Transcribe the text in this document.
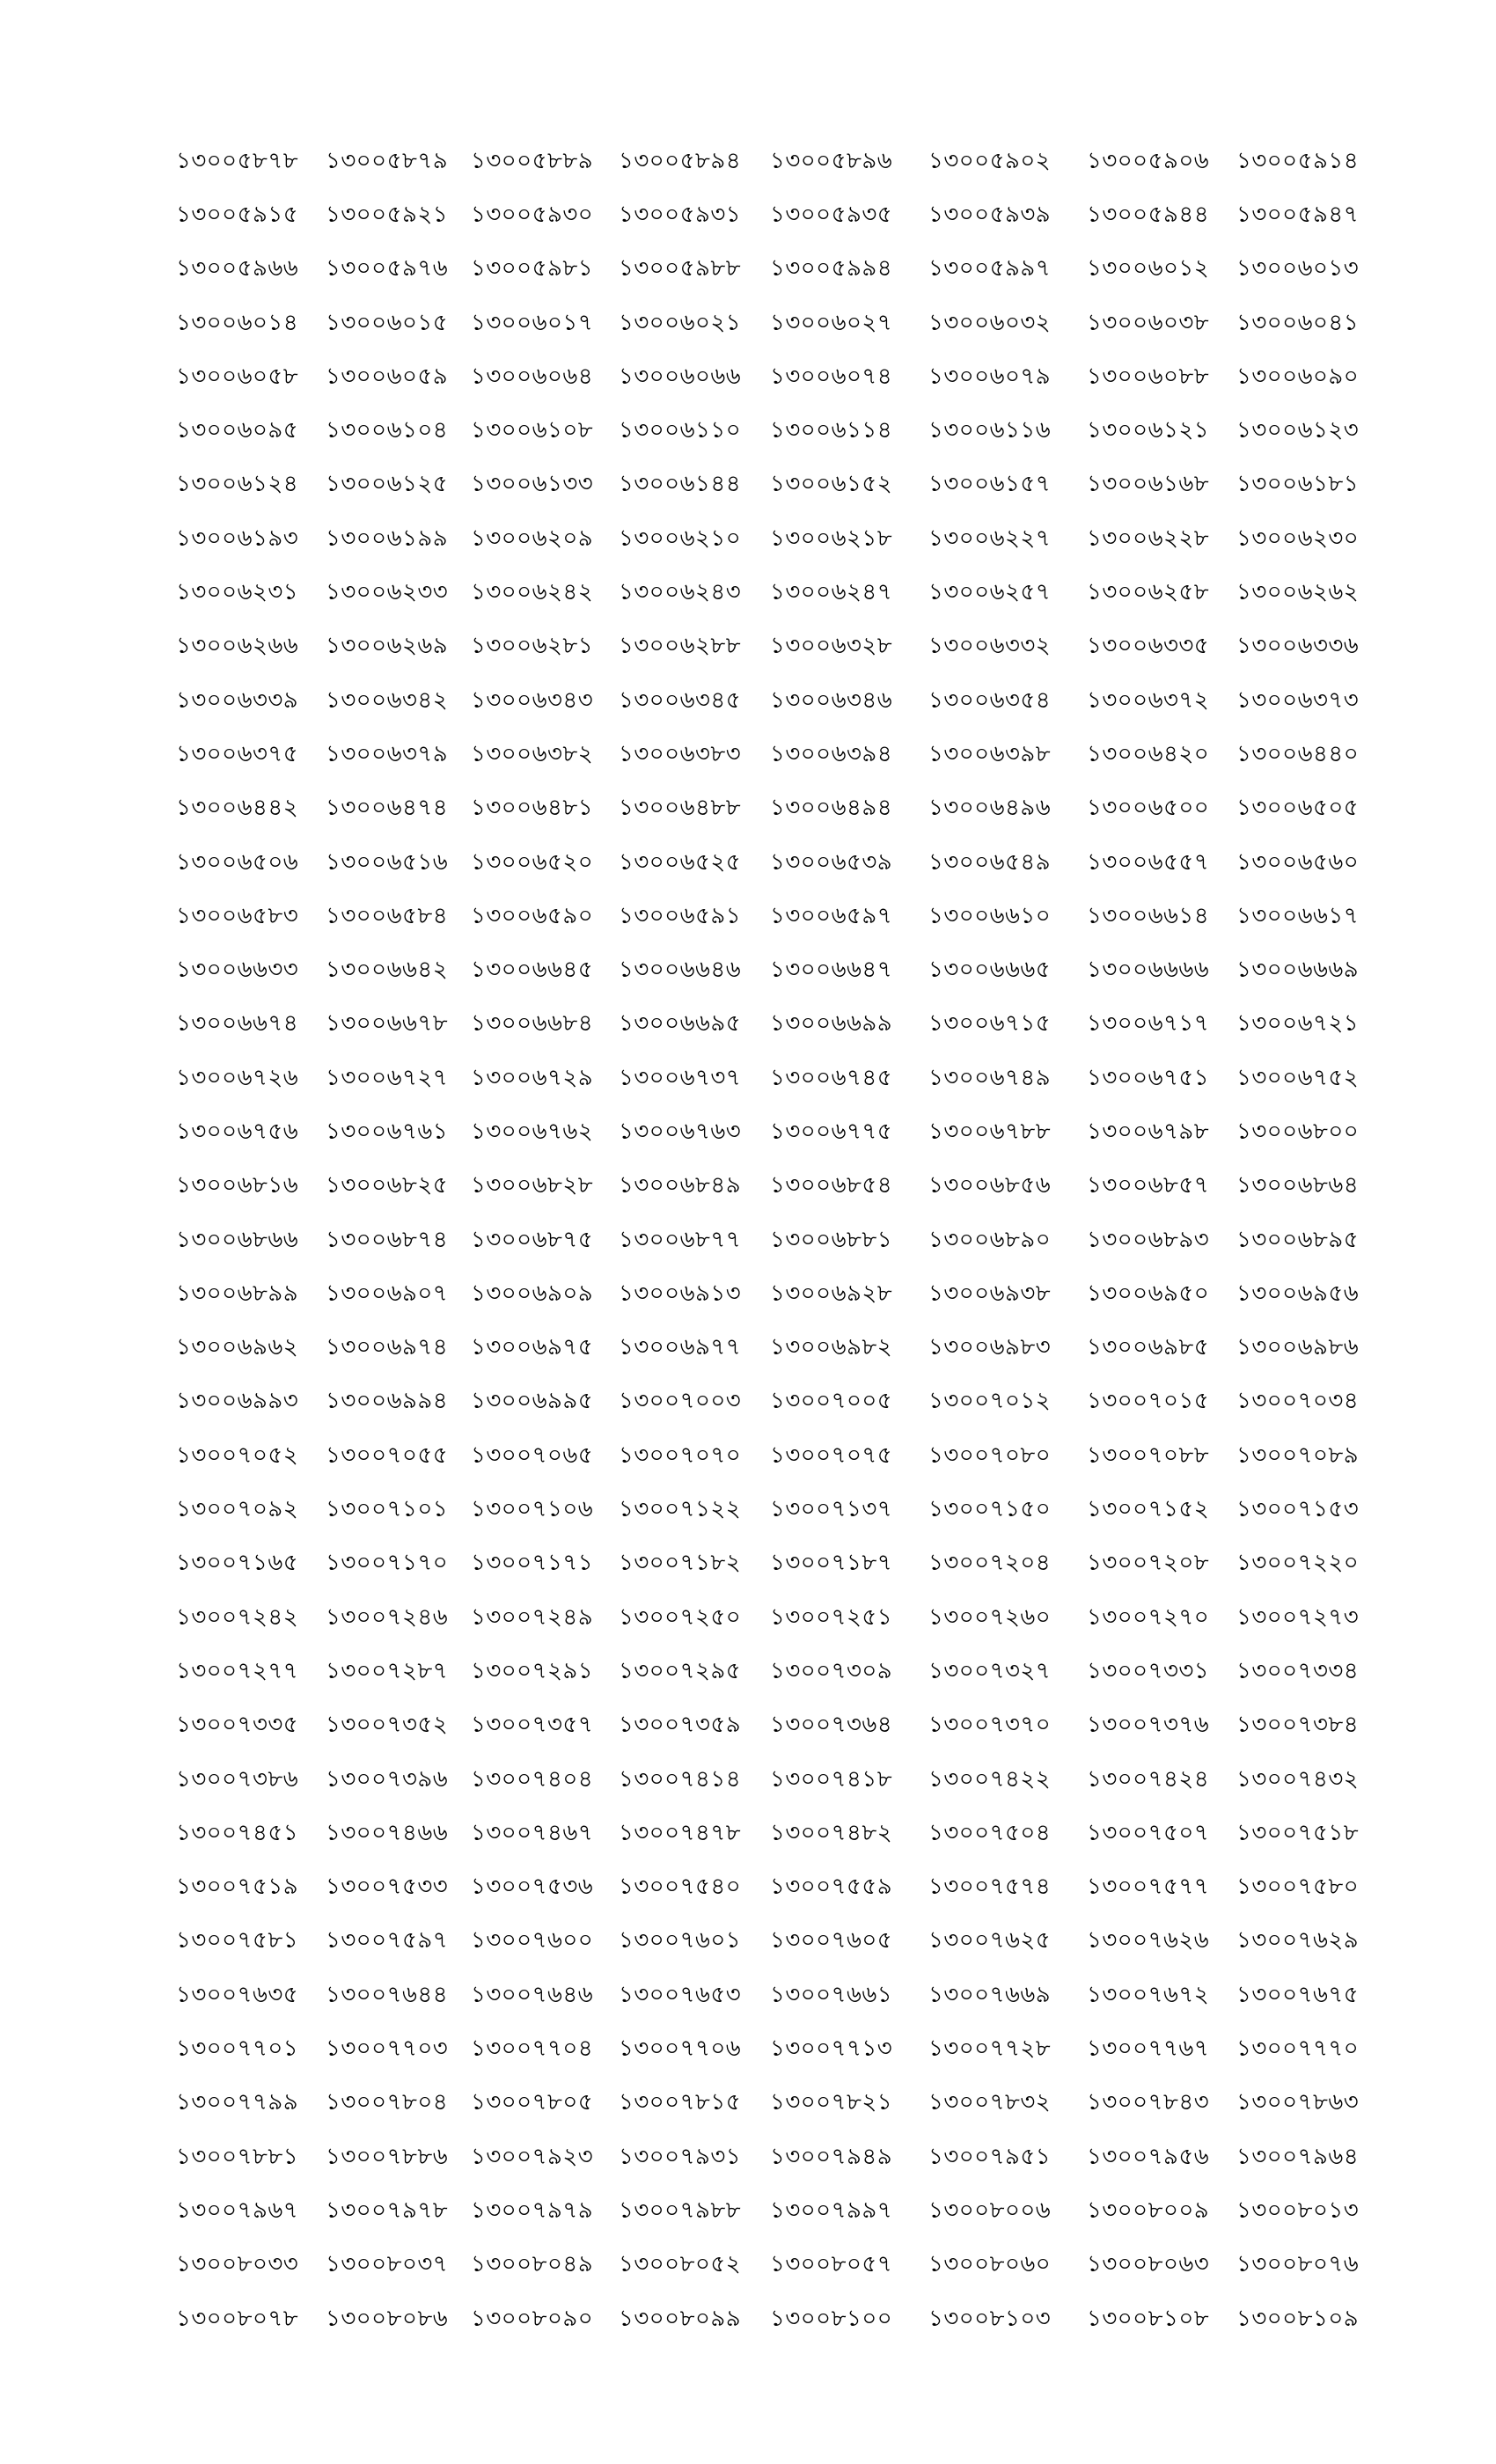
১৩০০৫৮৭৮	১৩০০৫৮৭৯ ১৩০০৫৮৮৯	১৩০০৫৮৯৪	১৩০০৫৮৯৬	১৩০০৫৯০২	১৩০০৫৯০৬	১৩০০৫৯১৪
১৩০০৫৯১৫	১৩০০৫৯২১ ১৩০০৫৯৩০	১৩০০৫৯৩১	১৩০০৫৯৩৫	১৩০০৫৯৩৯	১৩০০৫৯৪৪	১৩০০৫৯৪৭
১৩০০৫৯৬৬	১৩০০৫৯৭৬ ১৩০০৫৯৮১	১৩০০৫৯৮৮	১৩০০৫৯৯৪	১৩০০৫৯৯৭	১৩০০৬০১২	১৩০০৬০১৩
১৩০০৬০১৪	১৩০০৬০১৫ ১৩০০৬০১৭	১৩০০৬০২১	১৩০০৬০২৭	১৩০০৬০৩২	১৩০০৬০৩৮	১৩০০৬০৪১
১৩০০৬০৫৮	১৩০০৬০৫৯ ১৩০০৬০৬৪	১৩০০৬০৬৬	১৩০০৬০৭৪	১৩০০৬০৭৯	১৩০০৬০৮৮	১৩০০৬০৯০
১৩০০৬০৯৫	১৩০০৬১০৪ ১৩০০৬১০৮	১৩০০৬১১০	১৩০০৬১১৪	১৩০০৬১১৬	১৩০০৬১২১	১৩০০৬১২৩
১৩০০৬১২৪	১৩০০৬১২৫ ১৩০০৬১৩৩	১৩০০৬১৪৪	১৩০০৬১৫২	১৩০০৬১৫৭	১৩০০৬১৬৮	১৩০০৬১৮১
১৩০০৬১৯৩	১৩০০৬১৯৯ ১৩০০৬২০৯	১৩০০৬২১০	১৩০০৬২১৮	১৩০০৬২২৭	১৩০০৬২২৮	১৩০০৬২৩০
১৩০০৬২৩১	১৩০০৬২৩৩ ১৩০০৬২৪২	১৩০০৬২৪৩	১৩০০৬২৪৭	১৩০০৬২৫৭	১৩০০৬২৫৮	১৩০০৬২৬২
১৩০০৬২৬৬	১৩০০৬২৬৯ ১৩০০৬২৮১	১৩০০৬২৮৮	১৩০০৬৩২৮	১৩০০৬৩৩২	১৩০০৬৩৩৫	১৩০০৬৩৩৬
১৩০০৬৩৩৯	১৩০০৬৩৪২ ১৩০০৬৩৪৩	১৩০০৬৩৪৫	১৩০০৬৩৪৬	১৩০০৬৩৫৪	১৩০০৬৩৭২	১৩০০৬৩৭৩
১৩০০৬৩৭৫	১৩০০৬৩৭৯ ১৩০০৬৩৮২	১৩০০৬৩৮৩	১৩০০৬৩৯৪	১৩০০৬৩৯৮	১৩০০৬৪২০	১৩০০৬৪৪০
১৩০০৬৪৪২	১৩০০৬৪৭৪ ১৩০০৬৪৮১	১৩০০৬৪৮৮	১৩০০৬৪৯৪	১৩০০৬৪৯৬	১৩০০৬৫০০	১৩০০৬৫০৫
১৩০০৬৫০৬	১৩০০৬৫১৬ ১৩০০৬৫২০	১৩০০৬৫২৫	১৩০০৬৫৩৯	১৩০০৬৫৪৯	১৩০০৬৫৫৭	১৩০০৬৫৬০
১৩০০৬৫৮৩	১৩০০৬৫৮৪ ১৩০০৬৫৯০	১৩০০৬৫৯১	১৩০০৬৫৯৭	১৩০০৬৬১০	১৩০০৬৬১৪	১৩০০৬৬১৭
১৩০০৬৬৩৩	১৩০০৬৬৪২ ১৩০০৬৬৪৫	১৩০০৬৬৪৬	১৩০০৬৬৪৭	১৩০০৬৬৬৫	১৩০০৬৬৬৬	১৩০০৬৬৬৯
১৩০০৬৬৭৪	১৩০০৬৬৭৮ ১৩০০৬৬৮৪	১৩০০৬৬৯৫	১৩০০৬৬৯৯	১৩০০৬৭১৫	১৩০০৬৭১৭	১৩০০৬৭২১
১৩০০৬৭২৬	১৩০০৬৭২৭ ১৩০০৬৭২৯	১৩০০৬৭৩৭	১৩০০৬৭৪৫	১৩০০৬৭৪৯	১৩০০৬৭৫১	১৩০০৬৭৫২
১৩০০৬৭৫৬	১৩০০৬৭৬১ ১৩০০৬৭৬২	১৩০০৬৭৬৩	১৩০০৬৭৭৫	১৩০০৬৭৮৮	১৩০০৬৭৯৮	১৩০০৬৮০০
১৩০০৬৮১৬	১৩০০৬৮২৫ ১৩০০৬৮২৮	১৩০০৬৮৪৯	১৩০০৬৮৫৪	১৩০০৬৮৫৬	১৩০০৬৮৫৭	১৩০০৬৮৬৪
১৩০০৬৮৬৬	১৩০০৬৮৭৪ ১৩০০৬৮৭৫	১৩০০৬৮৭৭	১৩০০৬৮৮১	১৩০০৬৮৯০	১৩০০৬৮৯৩	১৩০০৬৮৯৫
১৩০০৬৮৯৯	১৩০০৬৯০৭ ১৩০০৬৯০৯	১৩০০৬৯১৩	১৩০০৬৯২৮	১৩০০৬৯৩৮	১৩০০৬৯৫০	১৩০০৬৯৫৬
১৩০০৬৯৬২	১৩০০৬৯৭৪ ১৩০০৬৯৭৫	১৩০০৬৯৭৭	১৩০০৬৯৮২	১৩০০৬৯৮৩	১৩০০৬৯৮৫	১৩০০৬৯৮৬
১৩০০৬৯৯৩	১৩০০৬৯৯৪ ১৩০০৬৯৯৫	১৩০০৭০০৩	১৩০০৭০০৫	১৩০০৭০১২	১৩০০৭০১৫	১৩০০৭০৩৪
১৩০০৭০৫২	১৩০০৭০৫৫ ১৩০০৭০৬৫	১৩০০৭০৭০	১৩০০৭০৭৫	১৩০০৭০৮০	১৩০০৭০৮৮	১৩০০৭০৮৯
১৩০০৭০৯২	১৩০০৭১০১ ১৩০০৭১০৬	১৩০০৭১২২	১৩০০৭১৩৭	১৩০০৭১৫০	১৩০০৭১৫২	১৩০০৭১৫৩
১৩০০৭১৬৫	১৩০০৭১৭০ ১৩০০৭১৭১	১৩০০৭১৮২	১৩০০৭১৮৭	১৩০০৭২০৪	১৩০০৭২০৮	১৩০০৭২২০
১৩০০৭২৪২	১৩০০৭২৪৬ ১৩০০৭২৪৯	১৩০০৭২৫০	১৩০০৭২৫১	১৩০০৭২৬০	১৩০০৭২৭০	১৩০০৭২৭৩
১৩০০৭২৭৭	১৩০০৭২৮৭ ১৩০০৭২৯১	১৩০০৭২৯৫	১৩০০৭৩০৯	১৩০০৭৩২৭	১৩০০৭৩৩১	১৩০০৭৩৩৪
১৩০০৭৩৩৫	১৩০০৭৩৫২ ১৩০০৭৩৫৭	১৩০০৭৩৫৯	১৩০০৭৩৬৪	১৩০০৭৩৭০	১৩০০৭৩৭৬	১৩০০৭৩৮৪
১৩০০৭৩৮৬	১৩০০৭৩৯৬ ১৩০০৭৪০৪	১৩০০৭৪১৪	১৩০০৭৪১৮	১৩০০৭৪২২	১৩০০৭৪২৪	১৩০০৭৪৩২
১৩০০৭৪৫১	১৩০০৭৪৬৬ ১৩০০৭৪৬৭	১৩০০৭৪৭৮	১৩০০৭৪৮২	১৩০০৭৫০৪	১৩০০৭৫০৭	১৩০০৭৫১৮
১৩০০৭৫১৯	১৩০০৭৫৩৩ ১৩০০৭৫৩৬	১৩০০৭৫৪০	১৩০০৭৫৫৯	১৩০০৭৫৭৪	১৩০০৭৫৭৭	১৩০০৭৫৮০
১৩০০৭৫৮১	১৩০০৭৫৯৭ ১৩০০৭৬০০	১৩০০৭৬০১	১৩০০৭৬০৫	১৩০০৭৬২৫	১৩০০৭৬২৬	১৩০০৭৬২৯
১৩০০৭৬৩৫	১৩০০৭৬৪৪ ১৩০০৭৬৪৬	১৩০০৭৬৫৩	১৩০০৭৬৬১	১৩০০৭৬৬৯	১৩০০৭৬৭২	১৩০০৭৬৭৫
১৩০০৭৭০১	১৩০০৭৭০৩ ১৩০০৭৭০৪	১৩০০৭৭০৬	১৩০০৭৭১৩	১৩০০৭৭২৮	১৩০০৭৭৬৭	১৩০০৭৭৭০
১৩০০৭৭৯৯	১৩০০৭৮০৪ ১৩০০৭৮০৫	১৩০০৭৮১৫	১৩০০৭৮২১	১৩০০৭৮৩২	১৩০০৭৮৪৩	১৩০০৭৮৬৩
১৩০০৭৮৮১	১৩০০৭৮৮৬ ১৩০০৭৯২৩	১৩০০৭৯৩১	১৩০০৭৯৪৯	১৩০০৭৯৫১	১৩০০৭৯৫৬	১৩০০৭৯৬৪
১৩০০৭৯৬৭	১৩০০৭৯৭৮ ১৩০০৭৯৭৯	১৩০০৭৯৮৮	১৩০০৭৯৯৭	১৩০০৮০০৬	১৩০০৮০০৯	১৩০০৮০১৩
১৩০০৮০৩৩	১৩০০৮০৩৭ ১৩০০৮০৪৯	১৩০০৮০৫২	১৩০০৮০৫৭	১৩০০৮০৬০	১৩০০৮০৬৩	১৩০০৮০৭৬
১৩০০৮০৭৮	১৩০০৮০৮৬ ১৩০০৮০৯০	১৩০০৮০৯৯	১৩০০৮১০০	১৩০০৮১০৩	১৩০০৮১০৮	১৩০০৮১০৯
